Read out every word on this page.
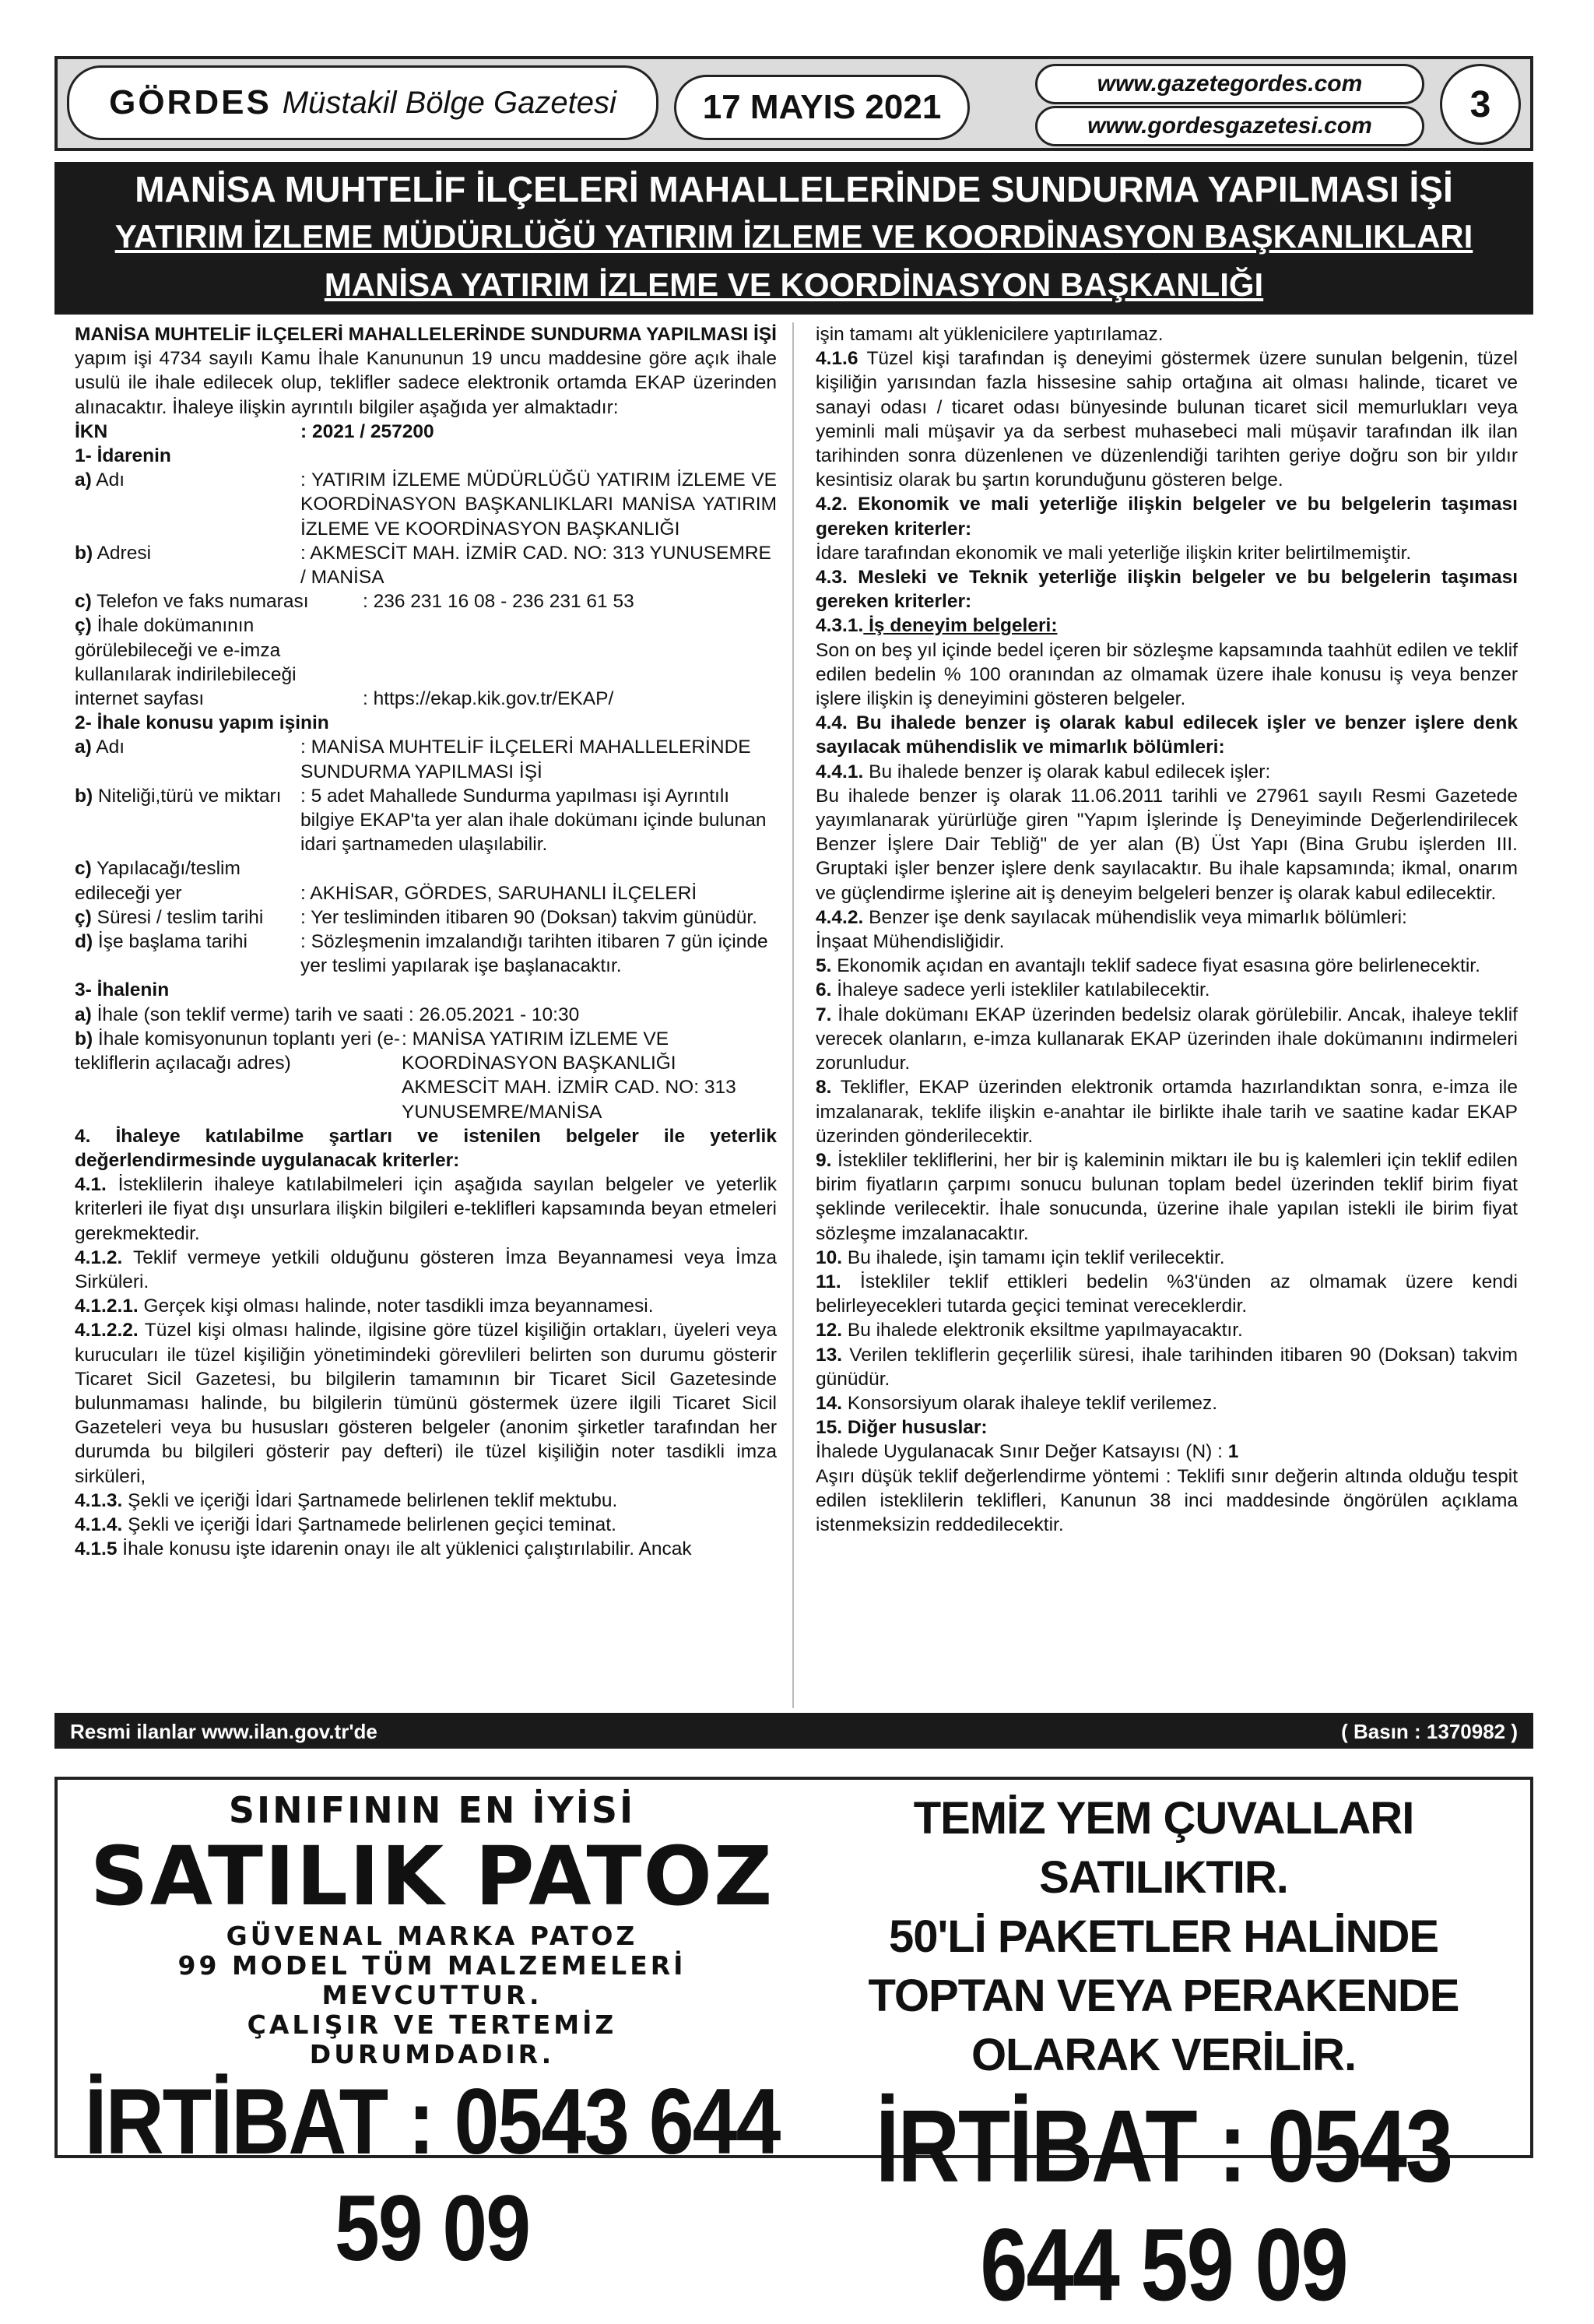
GÖRDES Müstakil Bölge Gazetesi	17 MAYIS 2021
www.gazetegordes.com
www.gordesgazetesi.com
3
MANİSA MUHTELİF İLÇELERİ MAHALLELERİNDE SUNDURMA YAPILMASI İŞİ
YATIRIM İZLEME MÜDÜRLÜĞÜ YATIRIM İZLEME VE KOORDİNASYON BAŞKANLIKLARI
MANİSA YATIRIM İZLEME VE KOORDİNASYON BAŞKANLIĞI

MANİSA MUHTELİF İLÇELERİ MAHALLELERİNDE SUNDURMA YAPILMASI İŞİ yapım işi 4734 sayılı Kamu İhale Kanununun 19 uncu maddesine göre açık ihale usulü ile ihale edilecek olup, teklifler sadece elektronik ortamda EKAP üzerinden alınacaktır. İhaleye ilişkin ayrıntılı bilgiler aşağıda yer almaktadır:

İKN	: 2021 / 257200

1- İdarenin

a) Adı	: YATIRIM İZLEME MÜDÜRLÜĞÜ YATIRIM İZLEME VE KOORDİNASYON BAŞKANLIKLARI MANİSA YATIRIM İZLEME VE KOORDİNASYON BAŞKANLIĞI
b) Adresi	: AKMESCİT MAH. İZMİR CAD. NO: 313 YUNUSEMRE / MANİSA
c) Telefon ve faks numarası	: 236 231 16 08 - 236 231 61 53
ç) İhale dokümanının görülebileceği ve e-imza kullanılarak indirilebileceği internet sayfası	: https://ekap.kik.gov.tr/EKAP/

2- İhale konusu yapım işinin

a) Adı	: MANİSA MUHTELİF İLÇELERİ MAHALLELERİNDE SUNDURMA YAPILMASI İŞİ
b) Niteliği,türü ve miktarı	: 5 adet Mahallede Sundurma yapılması işi Ayrıntılı bilgiye EKAP'ta yer alan ihale dokümanı içinde bulunan idari şartnameden ulaşılabilir.
c) Yapılacağı/teslim edileceği yer	: AKHİSAR, GÖRDES, SARUHANLI İLÇELERİ
ç) Süresi / teslim tarihi	: Yer tesliminden itibaren 90 (Doksan) takvim günüdür.
d) İşe başlama tarihi	: Sözleşmenin imzalandığı tarihten itibaren 7 gün içinde yer teslimi yapılarak işe başlanacaktır.

3- İhalenin

a) İhale (son teklif verme) tarih ve saati : 26.05.2021 - 10:30

b) İhale komisyonunun toplantı yeri (e-tekliflerin açılacağı adres)
: MANİSA YATIRIM İZLEME VE KOORDİNASYON BAŞKANLIĞI AKMESCİT MAH. İZMİR CAD. NO: 313 YUNUSEMRE/MANİSA

4. İhaleye katılabilme şartları ve istenilen belgeler ile yeterlik değerlendirmesinde uygulanacak kriterler:

4.1. İsteklilerin ihaleye katılabilmeleri için aşağıda sayılan belgeler ve yeterlik kriterleri ile fiyat dışı unsurlara ilişkin bilgileri e-teklifleri kapsamında beyan etmeleri gerekmektedir.

4.1.2. Teklif vermeye yetkili olduğunu gösteren İmza Beyannamesi veya İmza Sirküleri.

4.1.2.1. Gerçek kişi olması halinde, noter tasdikli imza beyannamesi.

4.1.2.2. Tüzel kişi olması halinde, ilgisine göre tüzel kişiliğin ortakları, üyeleri veya kurucuları ile tüzel kişiliğin yönetimindeki görevlileri belirten son durumu gösterir Ticaret Sicil Gazetesi, bu bilgilerin tamamının bir Ticaret Sicil Gazetesinde bulunmaması halinde, bu bilgilerin tümünü göstermek üzere ilgili Ticaret Sicil Gazeteleri veya bu hususları gösteren belgeler (anonim şirketler tarafından her durumda bu bilgileri gösterir pay defteri) ile tüzel kişiliğin noter tasdikli imza sirküleri,

4.1.3. Şekli ve içeriği İdari Şartnamede belirlenen teklif mektubu.

4.1.4. Şekli ve içeriği İdari Şartnamede belirlenen geçici teminat.

4.1.5 İhale konusu işte idarenin onayı ile alt yüklenici çalıştırılabilir. Ancak

işin tamamı alt yüklenicilere yaptırılamaz.

4.1.6 Tüzel kişi tarafından iş deneyimi göstermek üzere sunulan belgenin, tüzel kişiliğin yarısından fazla hissesine sahip ortağına ait olması halinde, ticaret ve sanayi odası / ticaret odası bünyesinde bulunan ticaret sicil memurlukları veya yeminli mali müşavir ya da serbest muhasebeci mali müşavir tarafından ilk ilan tarihinden sonra düzenlenen ve düzenlendiği tarihten geriye doğru son bir yıldır kesintisiz olarak bu şartın korunduğunu gösteren belge.

4.2. Ekonomik ve mali yeterliğe ilişkin belgeler ve bu belgelerin taşıması gereken kriterler:

İdare tarafından ekonomik ve mali yeterliğe ilişkin kriter belirtilmemiştir.

4.3. Mesleki ve Teknik yeterliğe ilişkin belgeler ve bu belgelerin taşıması gereken kriterler:

4.3.1. İş deneyim belgeleri:

Son on beş yıl içinde bedel içeren bir sözleşme kapsamında taahhüt edilen ve teklif edilen bedelin % 100 oranından az olmamak üzere ihale konusu iş veya benzer işlere ilişkin iş deneyimini gösteren belgeler.

4.4. Bu ihalede benzer iş olarak kabul edilecek işler ve benzer işlere denk sayılacak mühendislik ve mimarlık bölümleri:

4.4.1. Bu ihalede benzer iş olarak kabul edilecek işler:

Bu ihalede benzer iş olarak 11.06.2011 tarihli ve 27961 sayılı Resmi Gazetede yayımlanarak yürürlüğe giren "Yapım İşlerinde İş Deneyiminde Değerlendirilecek Benzer İşlere Dair Tebliğ" de yer alan (B) Üst Yapı (Bina Grubu işlerden III. Gruptaki işler benzer işlere denk sayılacaktır. Bu ihale kapsamında; ikmal, onarım ve güçlendirme işlerine ait iş deneyim belgeleri benzer iş olarak kabul edilecektir.

4.4.2. Benzer işe denk sayılacak mühendislik veya mimarlık bölümleri:

İnşaat Mühendisliğidir.

5. Ekonomik açıdan en avantajlı teklif sadece fiyat esasına göre belirlenecektir.

6. İhaleye sadece yerli istekliler katılabilecektir.

7. İhale dokümanı EKAP üzerinden bedelsiz olarak görülebilir. Ancak, ihaleye teklif verecek olanların, e-imza kullanarak EKAP üzerinden ihale dokümanını indirmeleri zorunludur.

8. Teklifler, EKAP üzerinden elektronik ortamda hazırlandıktan sonra, e-imza ile imzalanarak, teklife ilişkin e-anahtar ile birlikte ihale tarih ve saatine kadar EKAP üzerinden gönderilecektir.

9. İstekliler tekliflerini, her bir iş kaleminin miktarı ile bu iş kalemleri için teklif edilen birim fiyatların çarpımı sonucu bulunan toplam bedel üzerinden teklif birim fiyat şeklinde verilecektir. İhale sonucunda, üzerine ihale yapılan istekli ile birim fiyat sözleşme imzalanacaktır.

10. Bu ihalede, işin tamamı için teklif verilecektir.

11. İstekliler teklif ettikleri bedelin %3'ünden az olmamak üzere kendi belirleyecekleri tutarda geçici teminat vereceklerdir.

12. Bu ihalede elektronik eksiltme yapılmayacaktır.

13. Verilen tekliflerin geçerlilik süresi, ihale tarihinden itibaren 90 (Doksan) takvim günüdür.

14. Konsorsiyum olarak ihaleye teklif verilemez.

15. Diğer hususlar:

İhalede Uygulanacak Sınır Değer Katsayısı (N) : 1

Aşırı düşük teklif değerlendirme yöntemi : Teklifi sınır değerin altında olduğu tespit edilen isteklilerin teklifleri, Kanunun 38 inci maddesinde öngörülen açıklama istenmeksizin reddedilecektir.

Resmi ilanlar www.ilan.gov.tr'de	( Basın : 1370982 )
SINIFININ EN İYİSİ
SATILIK PATOZ
GÜVENAL MARKA PATOZ
99 MODEL TÜM MALZEMELERİ
MEVCUTTUR.
ÇALIŞIR VE TERTEMİZ
DURUMDADIR.
İRTİBAT : 0543 644 59 09
TEMİZ YEM ÇUVALLARI SATILIKTIR.
50'Lİ PAKETLER HALİNDE
TOPTAN VEYA PERAKENDE
OLARAK VERİLİR.
İRTİBAT : 0543 644 59 09
